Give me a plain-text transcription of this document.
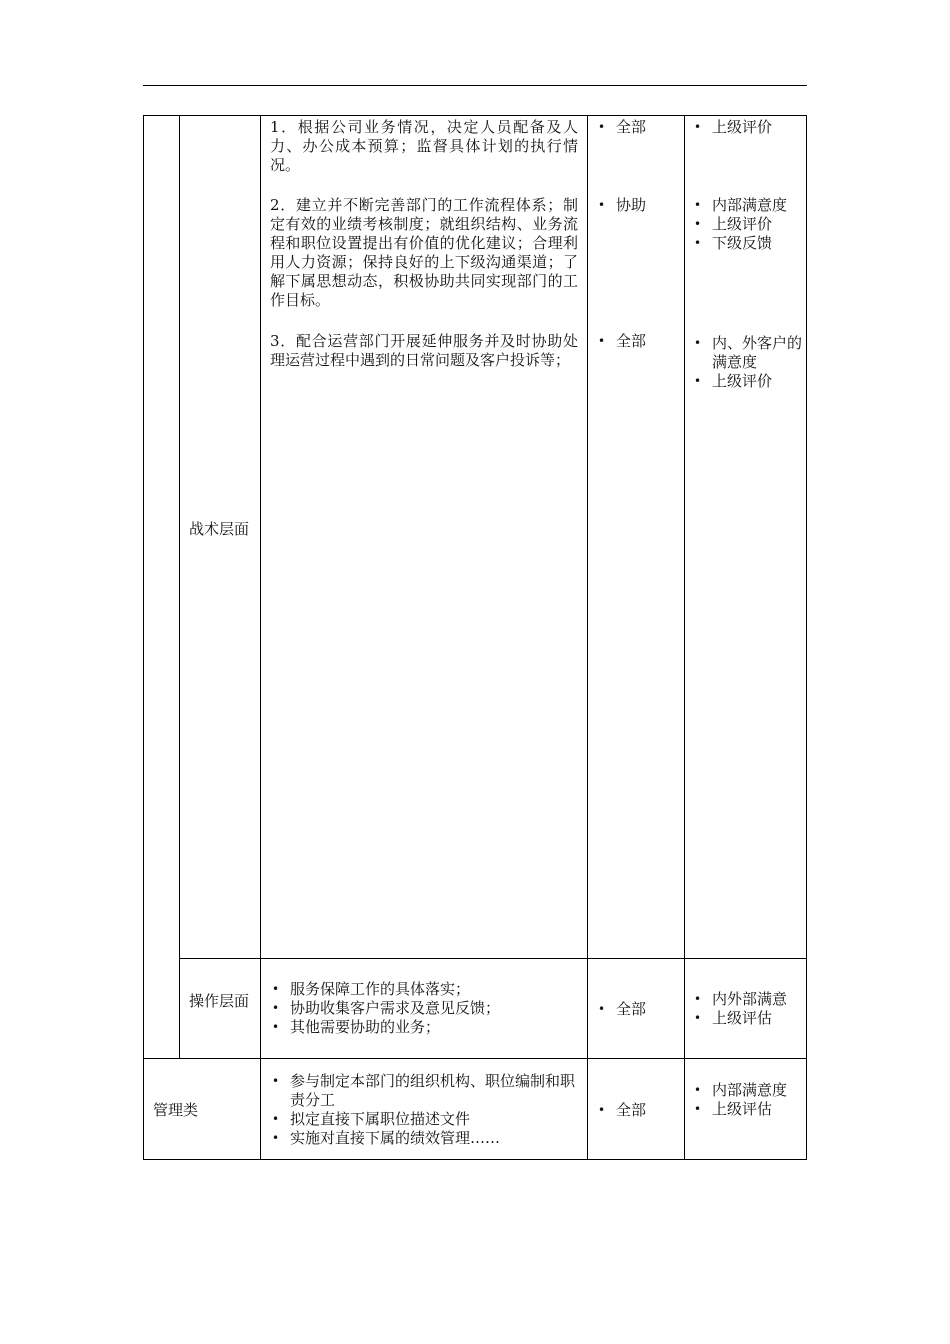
战术层面
1．根据公司业务情况，决定人员配备及人力、办公成本预算；监督具体计划的执行情况。
2．建立并不断完善部门的工作流程体系；制定有效的业绩考核制度；就组织结构、业务流程和职位设置提出有价值的优化建议；合理利用人力资源；保持良好的上下级沟通渠道；了解下属思想动态，积极协助共同实现部门的工作目标。
3．配合运营部门开展延伸服务并及时协助处理运营过程中遇到的日常问题及客户投诉等；
• 全部
• 协助
• 全部
• 上级评价
• 内部满意度
• 上级评价
• 下级反馈
• 内、外客户的满意度
• 上级评价
操作层面
• 服务保障工作的具体落实；
• 协助收集客户需求及意见反馈；
• 其他需要协助的业务；
• 全部
• 内外部满意
• 上级评估
管理类
• 参与制定本部门的组织机构、职位编制和职责分工
• 拟定直接下属职位描述文件
• 实施对直接下属的绩效管理……
• 全部
• 内部满意度
• 上级评估
